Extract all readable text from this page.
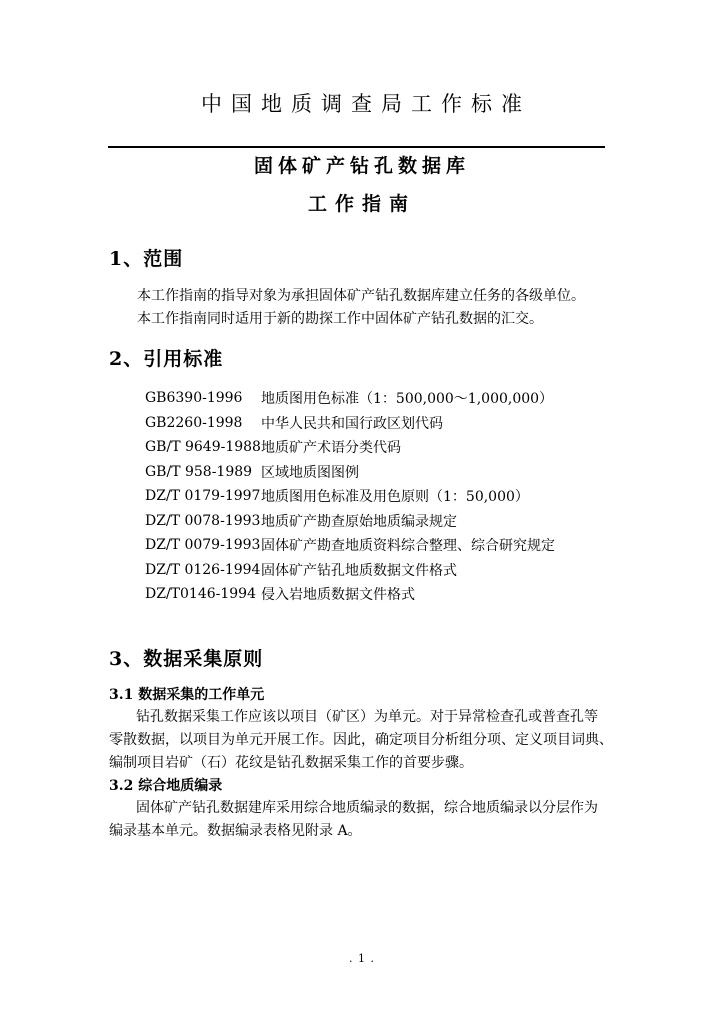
中国地质调查局工作标准
固体矿产钻孔数据库
工作指南
1、范围
本工作指南的指导对象为承担固体矿产钻孔数据库建立任务的各级单位。
本工作指南同时适用于新的勘探工作中固体矿产钻孔数据的汇交。
2、引用标准
GB6390-1996	地质图用色标准（1：500,000～1,000,000）
GB2260-1998	中华人民共和国行政区划代码
GB/T 9649-1988 地质矿产术语分类代码
GB/T 958-1989 区域地质图图例
DZ/T 0179-1997 地质图用色标准及用色原则（1：50,000）
DZ/T 0078-1993 地质矿产勘查原始地质编录规定
DZ/T 0079-1993 固体矿产勘查地质资料综合整理、综合研究规定
DZ/T 0126-1994 固体矿产钻孔地质数据文件格式
DZ/T0146-1994 侵入岩地质数据文件格式
3、数据采集原则
3.1 数据采集的工作单元
钻孔数据采集工作应该以项目（矿区）为单元。对于异常检查孔或普查孔等
零散数据，以项目为单元开展工作。因此，确定项目分析组分项、定义项目词典、
编制项目岩矿（石）花纹是钻孔数据采集工作的首要步骤。
3.2 综合地质编录
固体矿产钻孔数据建库采用综合地质编录的数据，综合地质编录以分层作为
编录基本单元。数据编录表格见附录 A。
. 1 .
